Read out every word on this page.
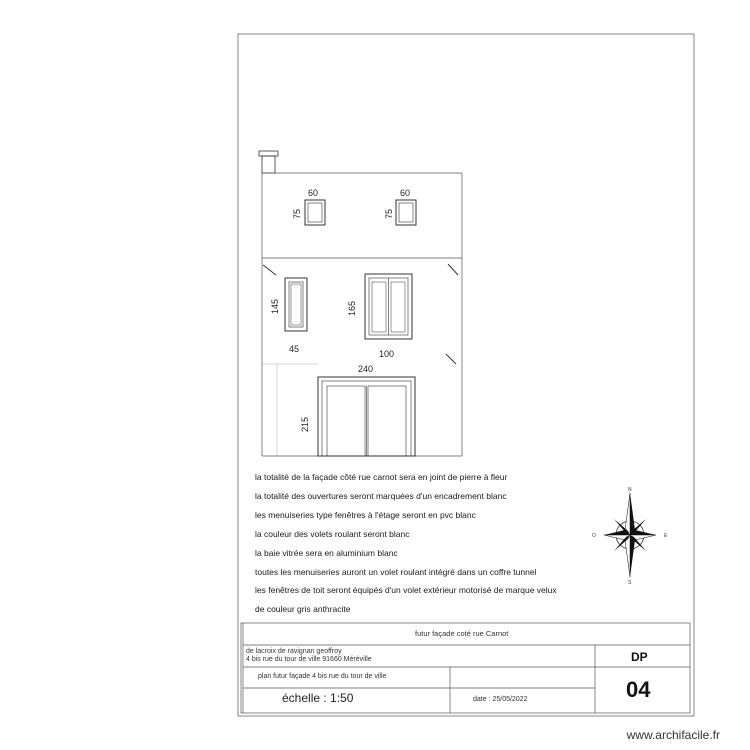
60
75
60
75
145
45
165
100
240
215
N
S
E
O
la totalité de la façade côté rue carnot sera en joint de pierre à fleur
la totalité des ouvertures seront marquées d'un encadrement blanc
les menuiseries type fenêtres à l'étage seront en pvc blanc
la couleur des volets roulant seront blanc
la baie vitrée sera en aluminium blanc
toutes les menuiseries auront un volet roulant intégré dans un coffre tunnel
les fenêtres de toit seront équipés d'un volet extérieur motorisé de marque velux
de couleur gris anthracite
futur façade coté rue Carnot
de lacroix de ravignan geoffroy
4 bis rue du tour de ville 91660 Méréville	DP
plan futur façade 4 bis rue du tour de ville
04
échelle : 1:50	date : 25/05/2022
www.archifacile.fr
